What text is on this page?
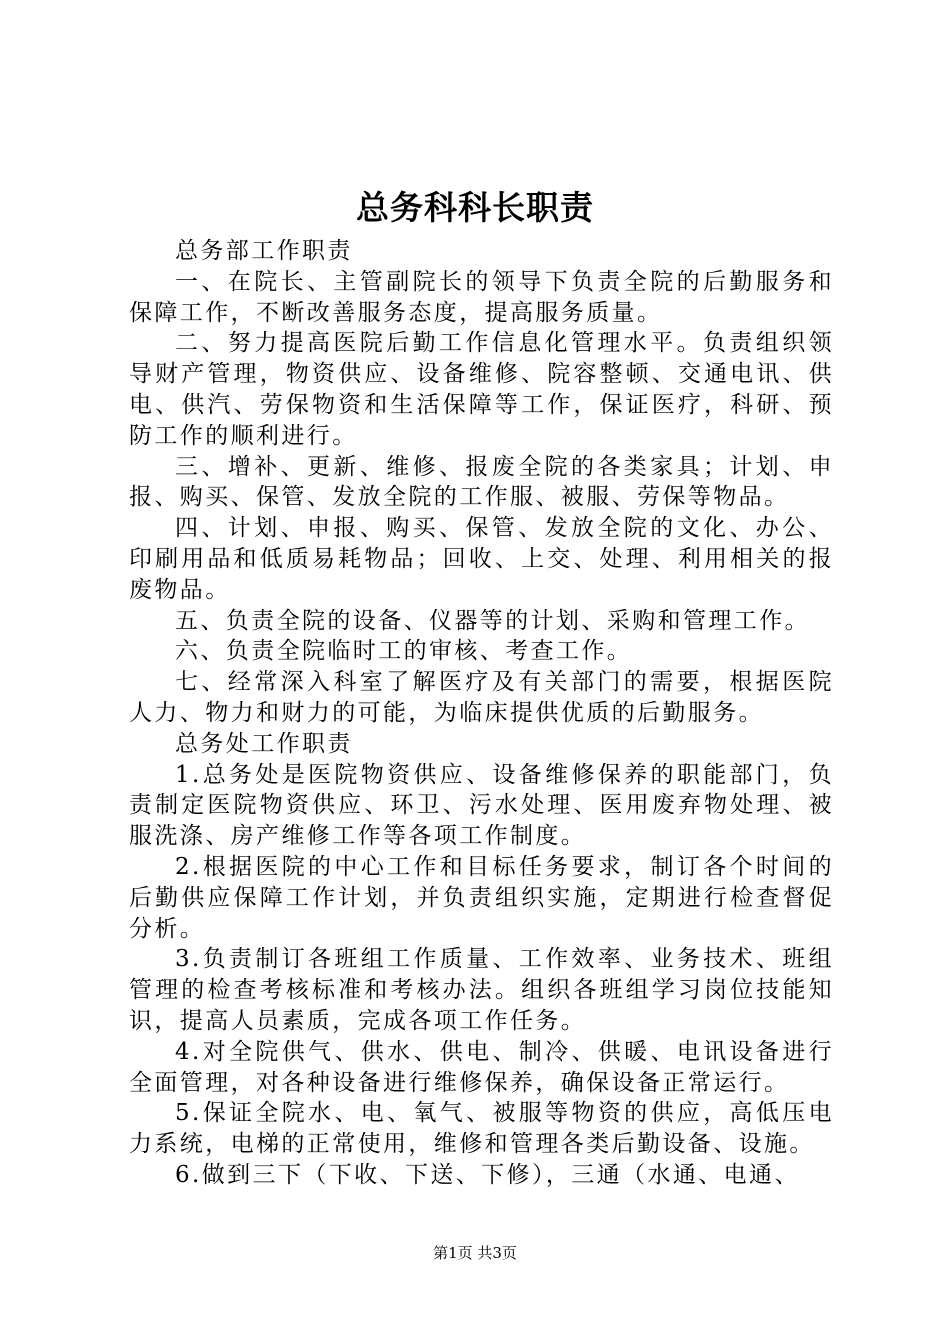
总务科科长职责

总务部工作职责

一、在院长、主管副院长的领导下负责全院的后勤服务和保障工作，不断改善服务态度，提高服务质量。

二、努力提高医院后勤工作信息化管理水平。负责组织领导财产管理，物资供应、设备维修、院容整顿、交通电讯、供电、供汽、劳保物资和生活保障等工作，保证医疗，科研、预防工作的顺利进行。

三、增补、更新、维修、报废全院的各类家具；计划、申报、购买、保管、发放全院的工作服、被服、劳保等物品。

四、计划、申报、购买、保管、发放全院的文化、办公、印刷用品和低质易耗物品；回收、上交、处理、利用相关的报废物品。

五、负责全院的设备、仪器等的计划、采购和管理工作。

六、负责全院临时工的审核、考查工作。

七、经常深入科室了解医疗及有关部门的需要，根据医院人力、物力和财力的可能，为临床提供优质的后勤服务。

总务处工作职责

1.总务处是医院物资供应、设备维修保养的职能部门，负责制定医院物资供应、环卫、污水处理、医用废弃物处理、被服洗涤、房产维修工作等各项工作制度。

2.根据医院的中心工作和目标任务要求，制订各个时间的后勤供应保障工作计划，并负责组织实施，定期进行检查督促分析。

3.负责制订各班组工作质量、工作效率、业务技术、班组管理的检查考核标准和考核办法。组织各班组学习岗位技能知识，提高人员素质，完成各项工作任务。

4.对全院供气、供水、供电、制冷、供暖、电讯设备进行全面管理，对各种设备进行维修保养，确保设备正常运行。

5.保证全院水、电、氧气、被服等物资的供应，高低压电力系统，电梯的正常使用，维修和管理各类后勤设备、设施。

6.做到三下（下收、下送、下修），三通（水通、电通、

第1页 共3页
